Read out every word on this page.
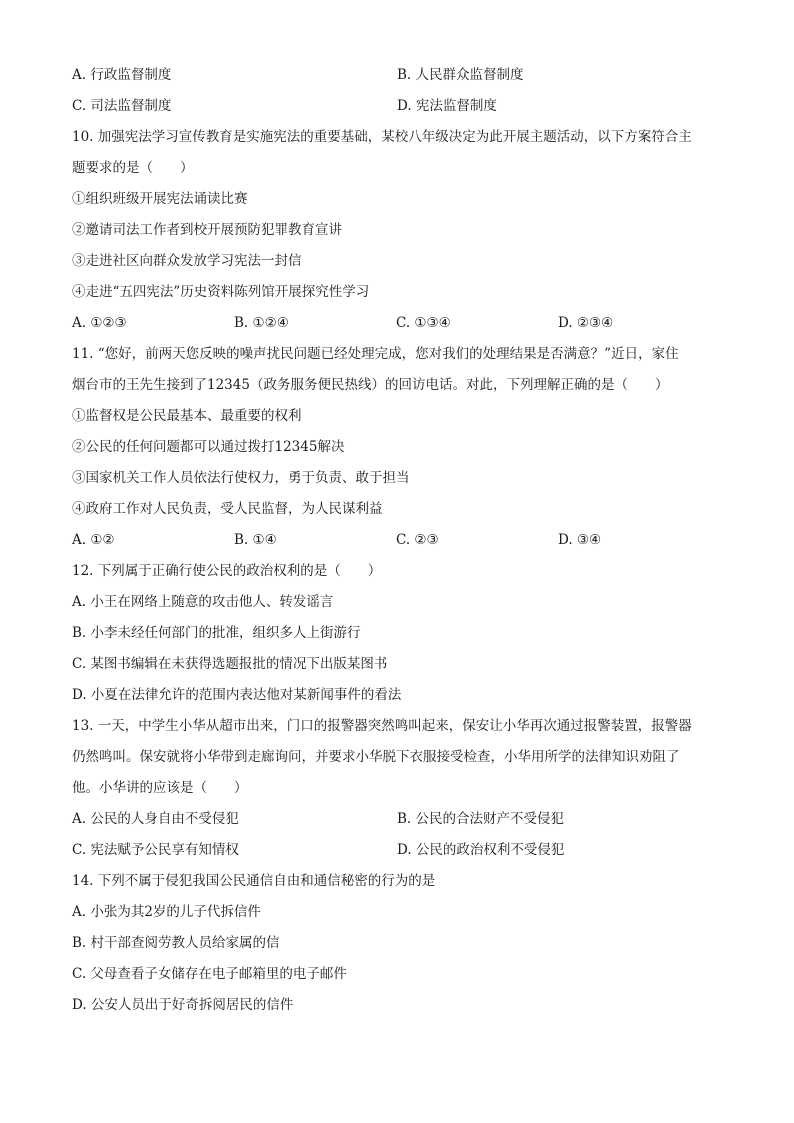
A. 行政监督制度	B. 人民群众监督制度
C. 司法监督制度	D. 宪法监督制度
10. 加强宪法学习宣传教育是实施宪法的重要基础，某校八年级决定为此开展主题活动，以下方案符合主
题要求的是（　　）
①组织班级开展宪法诵读比赛
②邀请司法工作者到校开展预防犯罪教育宣讲
③走进社区向群众发放学习宪法一封信
④走进“五四宪法”历史资料陈列馆开展探究性学习
A. ①②③	B. ①②④	C. ①③④	D. ②③④
11. “您好，前两天您反映的噪声扰民问题已经处理完成，您对我们的处理结果是否满意？”近日，家住
烟台市的王先生接到了12345（政务服务便民热线）的回访电话。对此，下列理解正确的是（　　）
①监督权是公民最基本、最重要的权利
②公民的任何问题都可以通过拨打12345解决
③国家机关工作人员依法行使权力，勇于负责、敢于担当
④政府工作对人民负责，受人民监督，为人民谋利益
A. ①②	B. ①④	C. ②③	D. ③④
12. 下列属于正确行使公民的政治权利的是（　　）
A. 小王在网络上随意的攻击他人、转发谣言
B. 小李未经任何部门的批准，组织多人上街游行
C. 某图书编辑在未获得选题报批的情况下出版某图书
D. 小夏在法律允许的范围内表达他对某新闻事件的看法
13. 一天，中学生小华从超市出来，门口的报警器突然鸣叫起来，保安让小华再次通过报警装置，报警器
仍然鸣叫。保安就将小华带到走廊询问，并要求小华脱下衣服接受检查，小华用所学的法律知识劝阻了
他。小华讲的应该是（　　）
A. 公民的人身自由不受侵犯	B. 公民的合法财产不受侵犯
C. 宪法赋予公民享有知情权	D. 公民的政治权利不受侵犯
14. 下列不属于侵犯我国公民通信自由和通信秘密的行为的是
A. 小张为其2岁的儿子代拆信件
B. 村干部查阅劳教人员给家属的信
C. 父母查看子女储存在电子邮箱里的电子邮件
D. 公安人员出于好奇拆阅居民的信件
